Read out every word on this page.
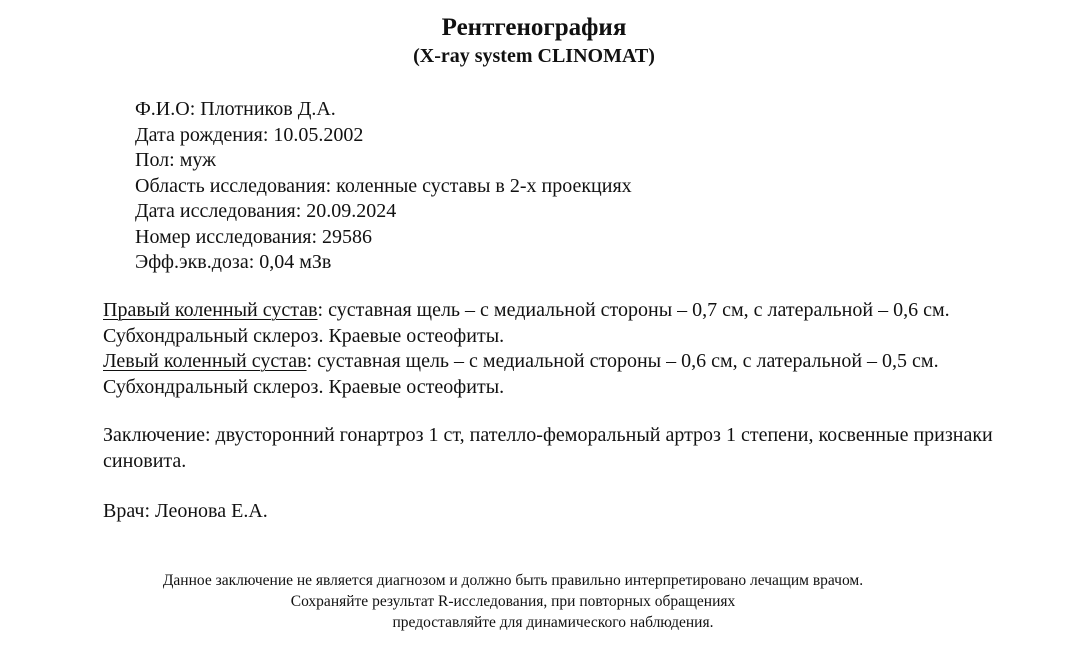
Рентгенография
(X-ray system CLINOMAT)
Ф.И.О: Плотников Д.А.
Дата рождения: 10.05.2002
Пол: муж
Область исследования: коленные суставы в 2-х проекциях
Дата исследования: 20.09.2024
Номер исследования: 29586
Эфф.экв.доза: 0,04 мЗв
Правый коленный сустав: суставная щель – с медиальной стороны – 0,7 см, с латеральной – 0,6 см. Субхондральный склероз. Краевые остеофиты.
Левый коленный сустав: суставная щель – с медиальной стороны – 0,6 см, с латеральной – 0,5 см. Субхондральный склероз. Краевые остеофиты.
Заключение: двусторонний гонартроз 1 ст, пателло-феморальный артроз 1 степени, косвенные признаки синовита.
Врач: Леонова Е.А.
Данное заключение не является диагнозом и должно быть правильно интерпретировано лечащим врачом.
Сохраняйте результат R-исследования, при повторных обращениях
предоставляйте для динамического наблюдения.
